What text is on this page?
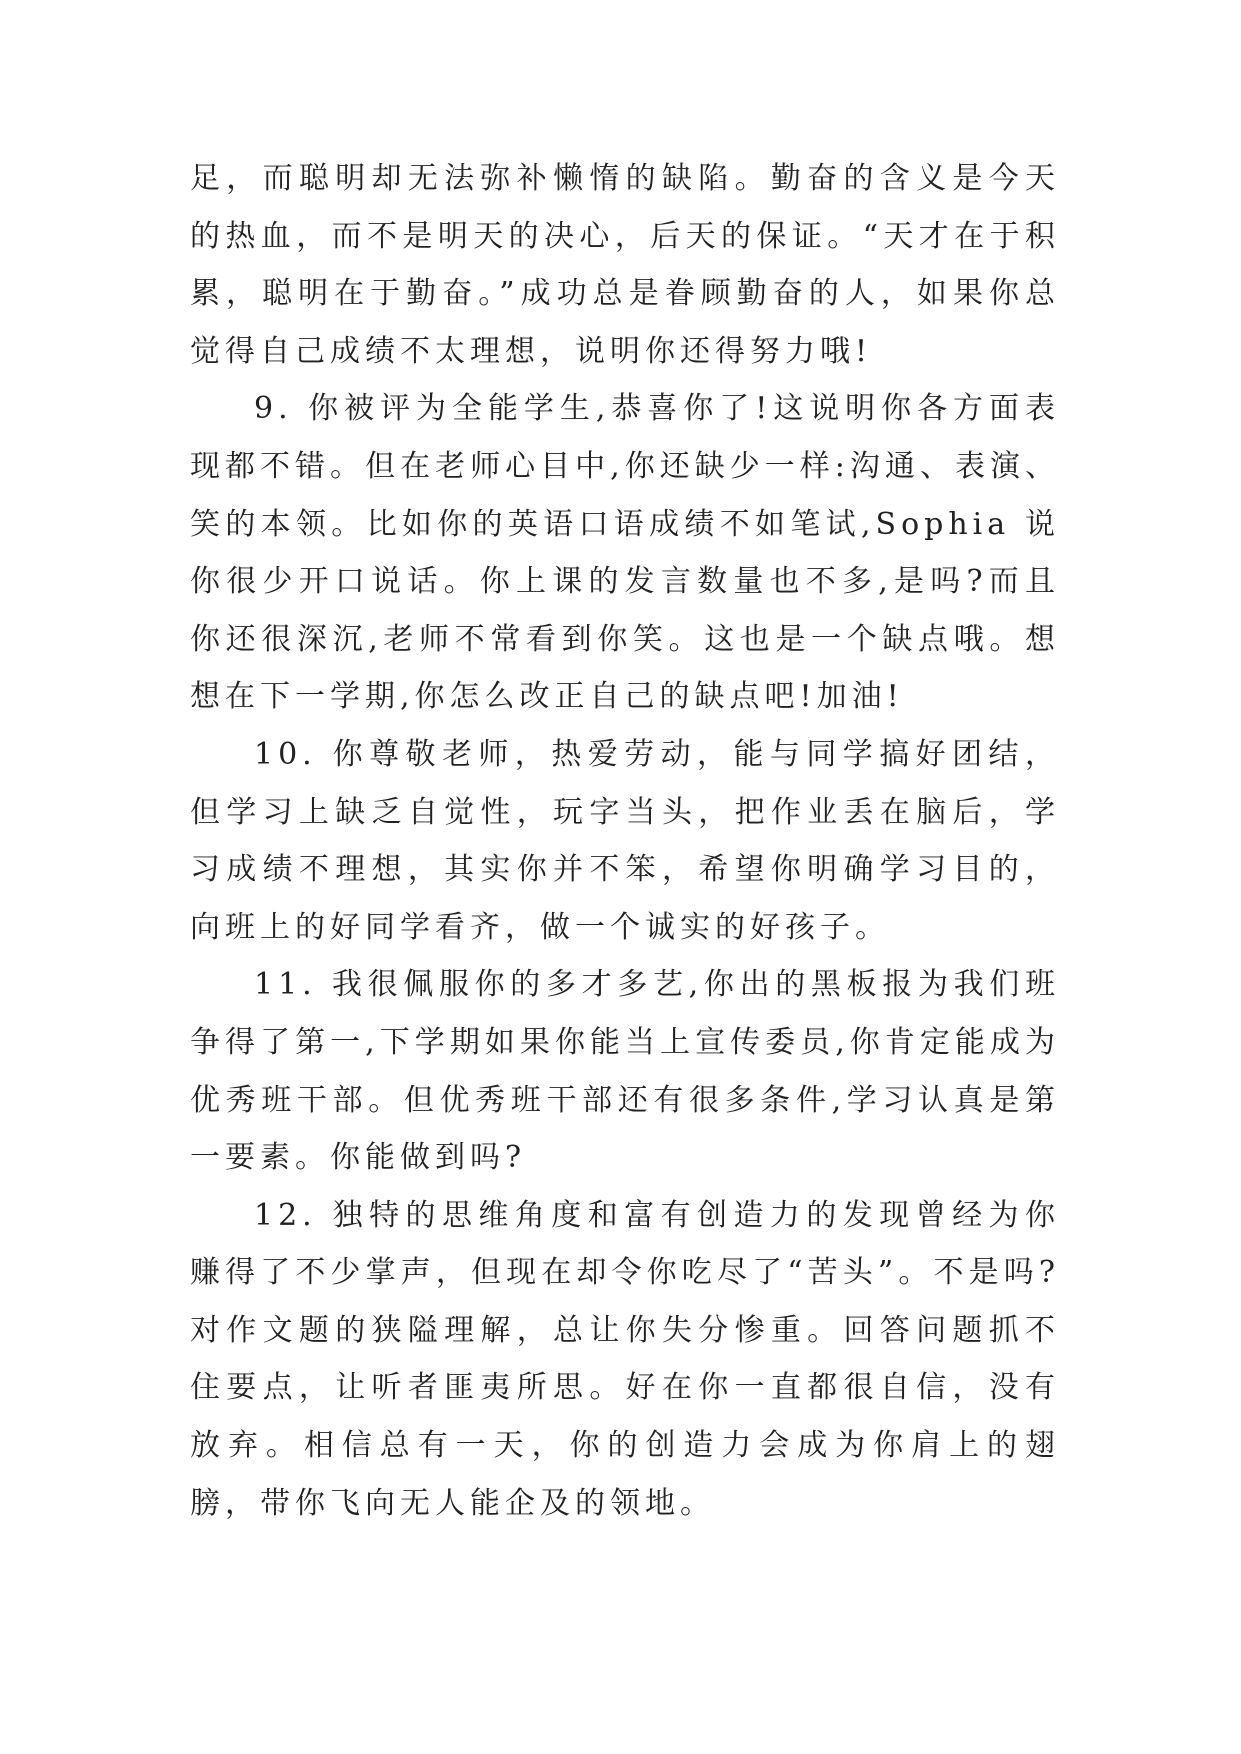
足，而聪明却无法弥补懒惰的缺陷。勤奋的含义是今天的热血，而不是明天的决心，后天的保证。“天才在于积累，聪明在于勤奋。”成功总是眷顾勤奋的人，如果你总觉得自己成绩不太理想，说明你还得努力哦!

9. 你被评为全能学生,恭喜你了!这说明你各方面表现都不错。但在老师心目中,你还缺少一样:沟通、表演、笑的本领。比如你的英语口语成绩不如笔试,Sophia 说你很少开口说话。你上课的发言数量也不多,是吗?而且你还很深沉,老师不常看到你笑。这也是一个缺点哦。想想在下一学期,你怎么改正自己的缺点吧!加油!

10. 你尊敬老师，热爱劳动，能与同学搞好团结，但学习上缺乏自觉性，玩字当头，把作业丢在脑后，学习成绩不理想，其实你并不笨，希望你明确学习目的，向班上的好同学看齐，做一个诚实的好孩子。

11. 我很佩服你的多才多艺,你出的黑板报为我们班争得了第一,下学期如果你能当上宣传委员,你肯定能成为优秀班干部。但优秀班干部还有很多条件,学习认真是第一要素。你能做到吗?

12. 独特的思维角度和富有创造力的发现曾经为你赚得了不少掌声，但现在却令你吃尽了“苦头”。不是吗?对作文题的狭隘理解，总让你失分惨重。回答问题抓不住要点，让听者匪夷所思。好在你一直都很自信，没有放弃。相信总有一天，你的创造力会成为你肩上的翅膀，带你飞向无人能企及的领地。
